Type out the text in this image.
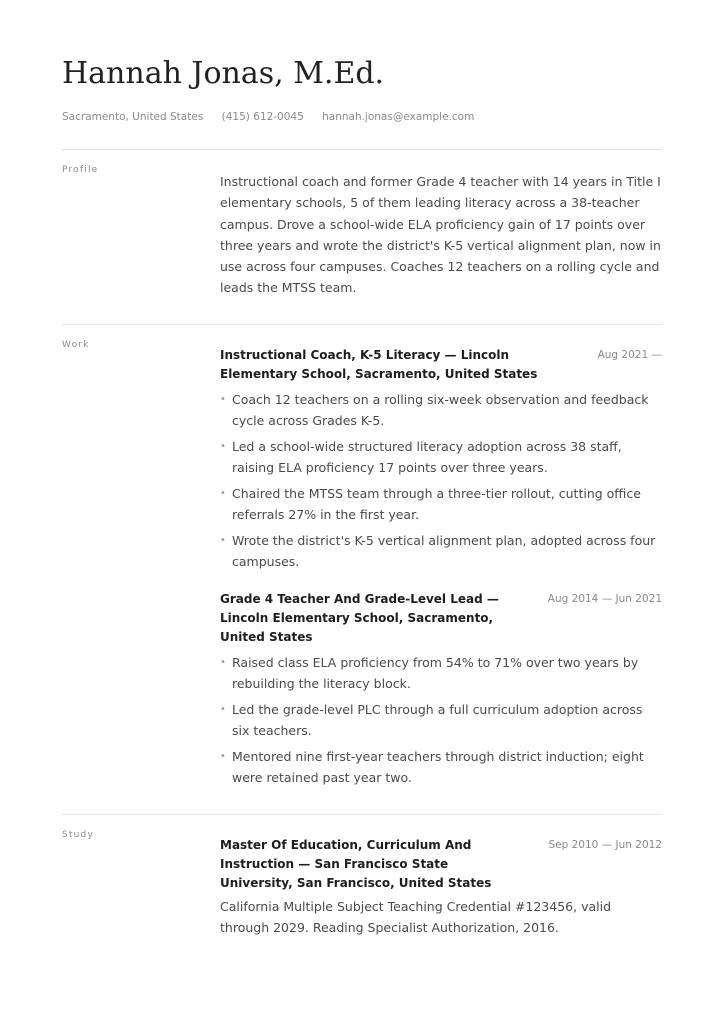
Hannah Jonas, M.Ed.
Sacramento, United States (415) 612-0045 hannah.jonas@example.com
Profile

Instructional coach and former Grade 4 teacher with 14 years in Title I elementary schools, 5 of them leading literacy across a 38-teacher campus. Drove a school-wide ELA proficiency gain of 17 points over three years and wrote the district's K-5 vertical alignment plan, now in use across four campuses. Coaches 12 teachers on a rolling cycle and leads the MTSS team.

Work
Instructional Coach, K-5 Literacy — Lincoln Elementary School, Sacramento, United States
Aug 2021 —
• Coach 12 teachers on a rolling six-week observation and feedback cycle across Grades K-5.
• Led a school-wide structured literacy adoption across 38 staff, raising ELA proficiency 17 points over three years.
• Chaired the MTSS team through a three-tier rollout, cutting office referrals 27% in the first year.
• Wrote the district's K-5 vertical alignment plan, adopted across four campuses.
Grade 4 Teacher And Grade-Level Lead — Lincoln Elementary School, Sacramento, United States
Aug 2014 — Jun 2021
• Raised class ELA proficiency from 54% to 71% over two years by rebuilding the literacy block.
• Led the grade-level PLC through a full curriculum adoption across six teachers.
• Mentored nine first-year teachers through district induction; eight were retained past year two.
Study
Master Of Education, Curriculum And Instruction — San Francisco State University, San Francisco, United States
Sep 2010 — Jun 2012

California Multiple Subject Teaching Credential #123456, valid through 2029. Reading Specialist Authorization, 2016.
